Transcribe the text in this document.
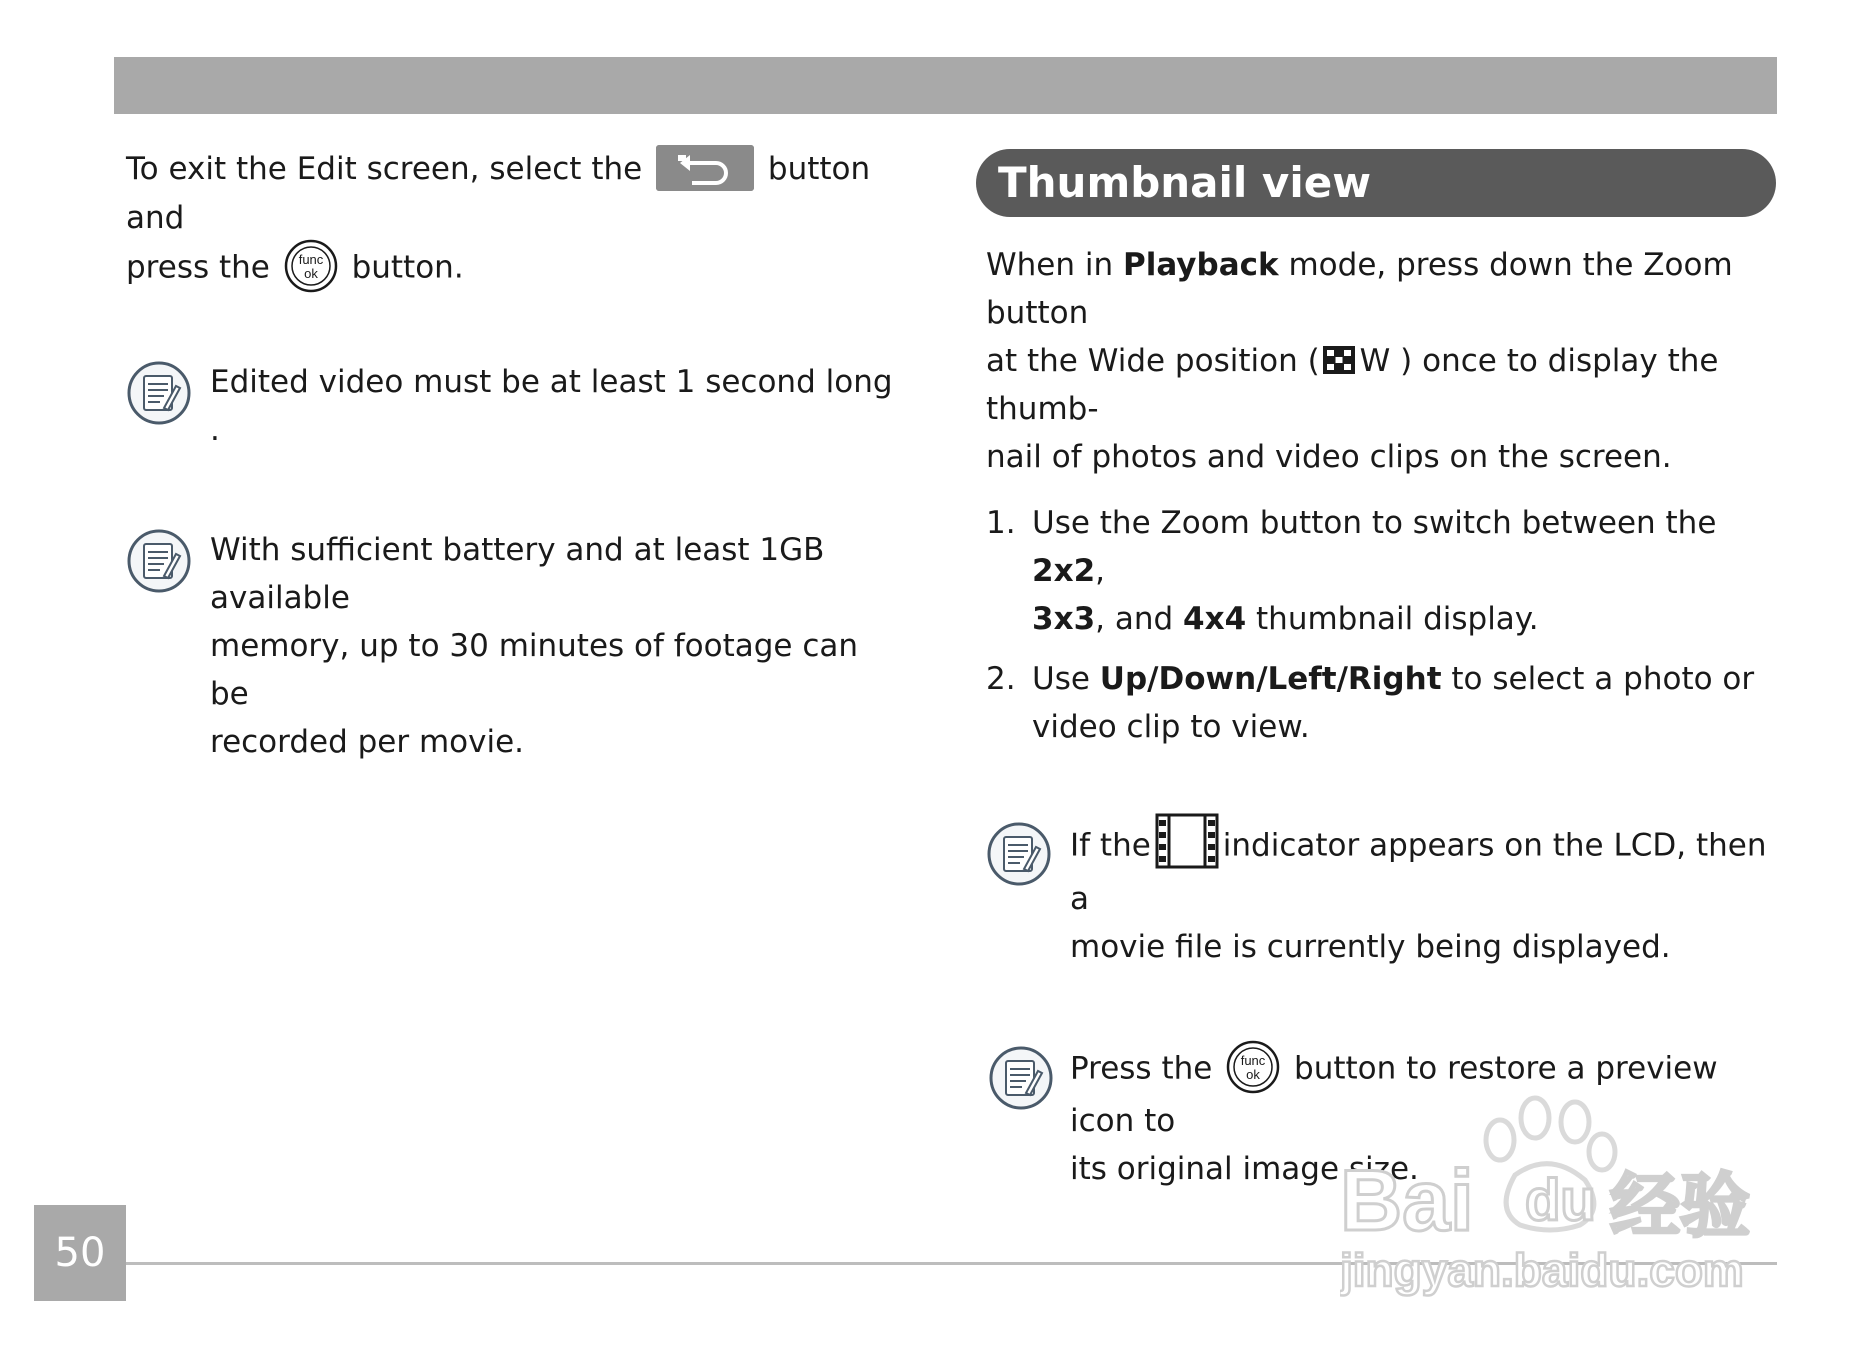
To exit the Edit screen, select the	button and
press the func
ok button.

Edited video must be at least 1 second long .

With sufficient battery and at least 1GB available
memory, up to 30 minutes of footage can be
recorded per movie.

Thumbnail view

When in Playback mode, press down the Zoom button
at the Wide position ( W ) once to display the thumb-
nail of photos and video clips on the screen.

1. Use the Zoom button to switch between the 2x2,
3x3, and 4x4 thumbnail display.
2. Use Up/Down/Left/Right to select a photo or
video clip to view.

If the indicator appears on the LCD, then a
movie file is currently being displayed.

Press the func
ok button to restore a preview icon to
its original image size.

50
Bai du 经验
jingyan.baidu.com
